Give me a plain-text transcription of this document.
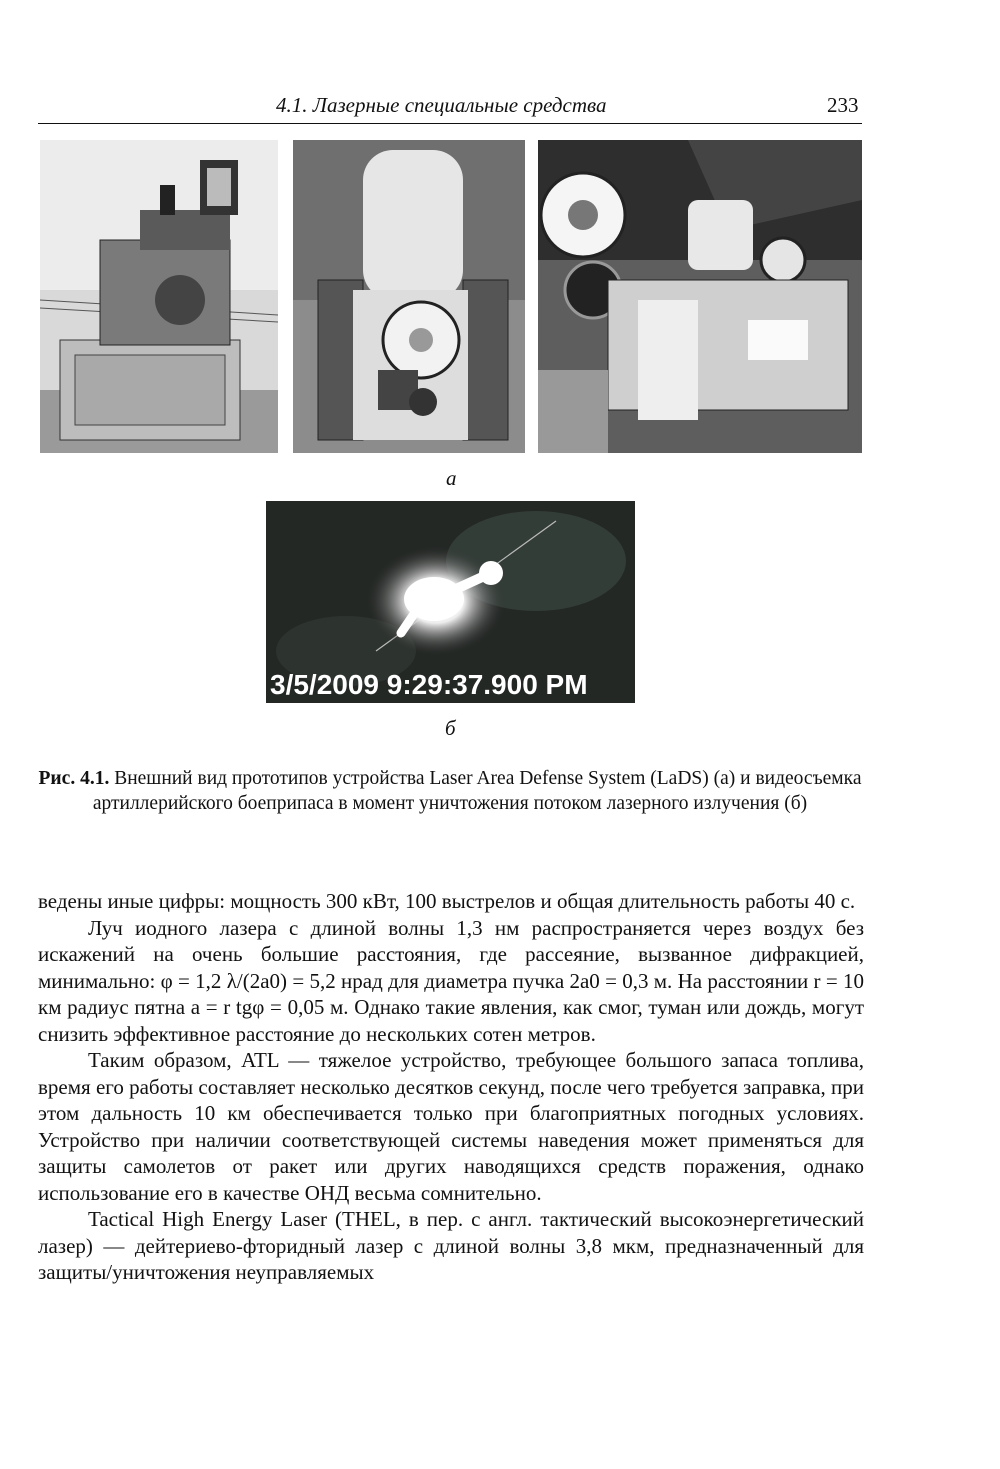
4.1. Лазерные специальные средства	233
а
3/5/2009 9:29:37.900 PM
б
Рис. 4.1. Внешний вид прототипов устройства Laser Area Defense System (LaDS) (а) и видеосъемка артиллерийского боеприпаса в момент уничтожения потоком лазерного излучения (б)

ведены иные цифры: мощность 300 кВт, 100 выстрелов и общая длительность работы 40 с.

Луч иодного лазера с длиной волны 1,3 нм распространяется через воздух без искажений на очень большие расстояния, где рассеяние, вызванное дифракцией, минимально: φ = 1,2 λ/(2a0) = 5,2 нрад для диаметра пучка 2a0 = 0,3 м. На расстоянии r = 10 км радиус пятна a = r tgφ = 0,05 м. Однако такие явления, как смог, туман или дождь, могут снизить эффективное расстояние до нескольких сотен метров.

Таким образом, ATL — тяжелое устройство, требующее большого запаса топлива, время его работы составляет несколько десятков секунд, после чего требуется заправка, при этом дальность 10 км обеспечивается только при благоприятных погодных условиях. Устройство при наличии соответствующей системы наведения может применяться для защиты самолетов от ракет или других наводящихся средств поражения, однако использование его в качестве ОНД весьма сомнительно.

Tactical High Energy Laser (THEL, в пер. с англ. тактический высокоэнергетический лазер) — дейтериево-фторидный лазер с длиной волны 3,8 мкм, предназначенный для защиты/уничтожения неуправляемых
